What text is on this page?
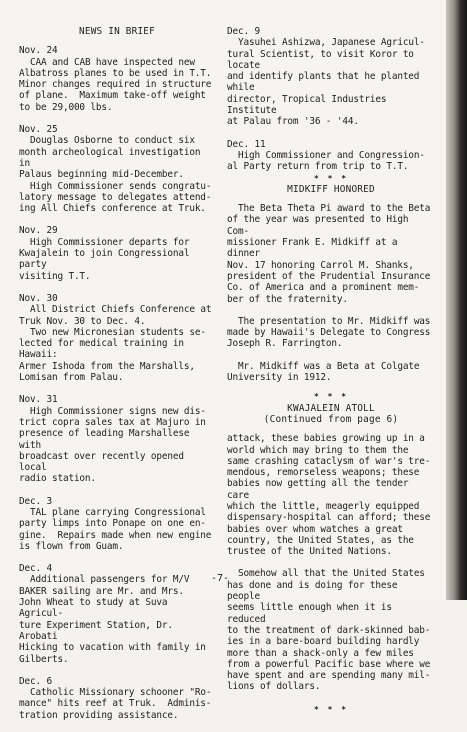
NEWS IN BRIEF

Nov. 24

CAA and CAB have inspected new

Albatross planes to be used in T.T.

Minor changes required in structure

of plane.  Maximum take-off weight

to be 29,000 lbs.

Nov. 25

Douglas Osborne to conduct six

month archeological investigation in

Palaus beginning mid-December.

High Commissioner sends congratu-

latory message to delegates attend-

ing All Chiefs conference at Truk.

Nov. 29

High Commissioner departs for

Kwajalein to join Congressional party

visiting T.T.

Nov. 30

All District Chiefs Conference at

Truk Nov. 30 to Dec. 4.

Two new Micronesian students se-

lected for medical training in Hawaii:

Armer Ishoda from the Marshalls,

Lomisan from Palau.

Nov. 31

High Commissioner signs new dis-

trict copra sales tax at Majuro in

presence of leading Marshallese with

broadcast over recently opened local

radio station.

Dec. 3

TAL plane carrying Congressional

party limps into Ponape on one en-

gine.  Repairs made when new engine

is flown from Guam.

Dec. 4

Additional passengers for M/V

BAKER sailing are Mr. and Mrs.

John Wheat to study at Suva Agricul-

ture Experiment Station, Dr. Arobati

Hicking to vacation with family in

Gilberts.

Dec. 6

Catholic Missionary schooner "Ro-

mance" hits reef at Truk.  Adminis-

tration providing assistance.

Dec. 9

Yasuhei Ashizwa, Japanese Agricul-

tural Scientist, to visit Koror to locate

and identify plants that he planted while

director, Tropical Industries Institute

at Palau from '36 - '44.

Dec. 11

High Commissioner and Congression-

al Party return from trip to T.T.

* * *
MIDKIFF HONORED

The Beta Theta Pi award to the Beta

of the year was presented to High Com-

missioner Frank E. Midkiff at a dinner

Nov. 17 honoring Carrol M. Shanks,

president of the Prudential Insurance

Co. of America and a prominent mem-

ber of the fraternity.

The presentation to Mr. Midkiff was

made by Hawaii's Delegate to Congress

Joseph R. Farrington.

Mr. Midkiff was a Beta at Colgate

University in 1912.

* * *
KWAJALEIN ATOLL
(Continued from page 6)

attack, these babies growing up in a

world which may bring to them the

same crashing cataclysm of war's tre-

mendous, remorseless weapons; these

babies now getting all the tender care

which the little, meagerly equipped

dispensary-hospital can afford; these

babies over whom watches a great

country, the United States, as the

trustee of the United Nations.

Somehow all that the United States

has done and is doing for these people

seems little enough when it is reduced

to the treatment of dark-skinned bab-

ies in a bare-board building hardly

more than a shack-only a few miles

from a powerful Pacific base where we

have spent and are spending many mil-

lions of dollars.

* * *
-7-
